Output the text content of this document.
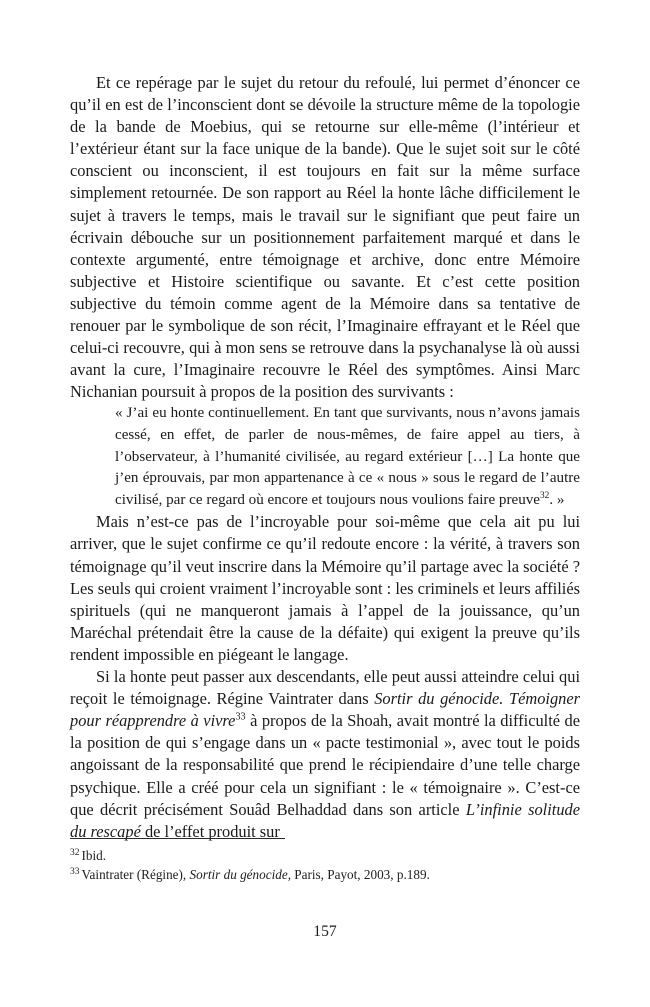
Et ce repérage par le sujet du retour du refoulé, lui permet d’énoncer ce qu’il en est de l’inconscient dont se dévoile la structure même de la topologie de la bande de Moebius, qui se retourne sur elle-même (l’intérieur et l’extérieur étant sur la face unique de la bande). Que le sujet soit sur le côté conscient ou inconscient, il est toujours en fait sur la même surface simplement retournée. De son rapport au Réel la honte lâche difficilement le sujet à travers le temps, mais le travail sur le signifiant que peut faire un écrivain débouche sur un positionnement parfaitement marqué et dans le contexte argumenté, entre témoignage et archive, donc entre Mémoire subjective et Histoire scientifique ou savante. Et c’est cette position subjective du témoin comme agent de la Mémoire dans sa tentative de renouer par le symbolique de son récit, l’Imaginaire effrayant et le Réel que celui-ci recouvre, qui à mon sens se retrouve dans la psychanalyse là où aussi avant la cure, l’Imaginaire recouvre le Réel des symptômes. Ainsi Marc Nichanian poursuit à propos de la position des survivants :

« J’ai eu honte continuellement. En tant que survivants, nous n’avons jamais cessé, en effet, de parler de nous-mêmes, de faire appel au tiers, à l’observateur, à l’humanité civilisée, au regard extérieur […] La honte que j’en éprouvais, par mon appartenance à ce « nous » sous le regard de l’autre civilisé, par ce regard où encore et toujours nous voulions faire preuve$^{32}$. »

Mais n’est-ce pas de l’incroyable pour soi-même que cela ait pu lui arriver, que le sujet confirme ce qu’il redoute encore : la vérité, à travers son témoignage qu’il veut inscrire dans la Mémoire qu’il partage avec la société ? Les seuls qui croient vraiment l’incroyable sont : les criminels et leurs affiliés spirituels (qui ne manqueront jamais à l’appel de la jouissance, qu’un Maréchal prétendait être la cause de la défaite) qui exigent la preuve qu’ils rendent impossible en piégeant le langage.

Si la honte peut passer aux descendants, elle peut aussi atteindre celui qui reçoit le témoignage. Régine Vaintrater dans Sortir du génocide. Témoigner pour réapprendre à vivre$^{33}$ à propos de la Shoah, avait montré la difficulté de la position de qui s’engage dans un « pacte testimonial », avec tout le poids angoissant de la responsabilité que prend le récipiendaire d’une telle charge psychique. Elle a créé pour cela un signifiant : le « témoignaire ». C’est-ce que décrit précisément Souâd Belhaddad dans son article L’infinie solitude du rescapé de l’effet produit sur

$^{32}$ Ibid.

$^{33}$ Vaintrater (Régine), Sortir du génocide, Paris, Payot, 2003, p.189.

157
